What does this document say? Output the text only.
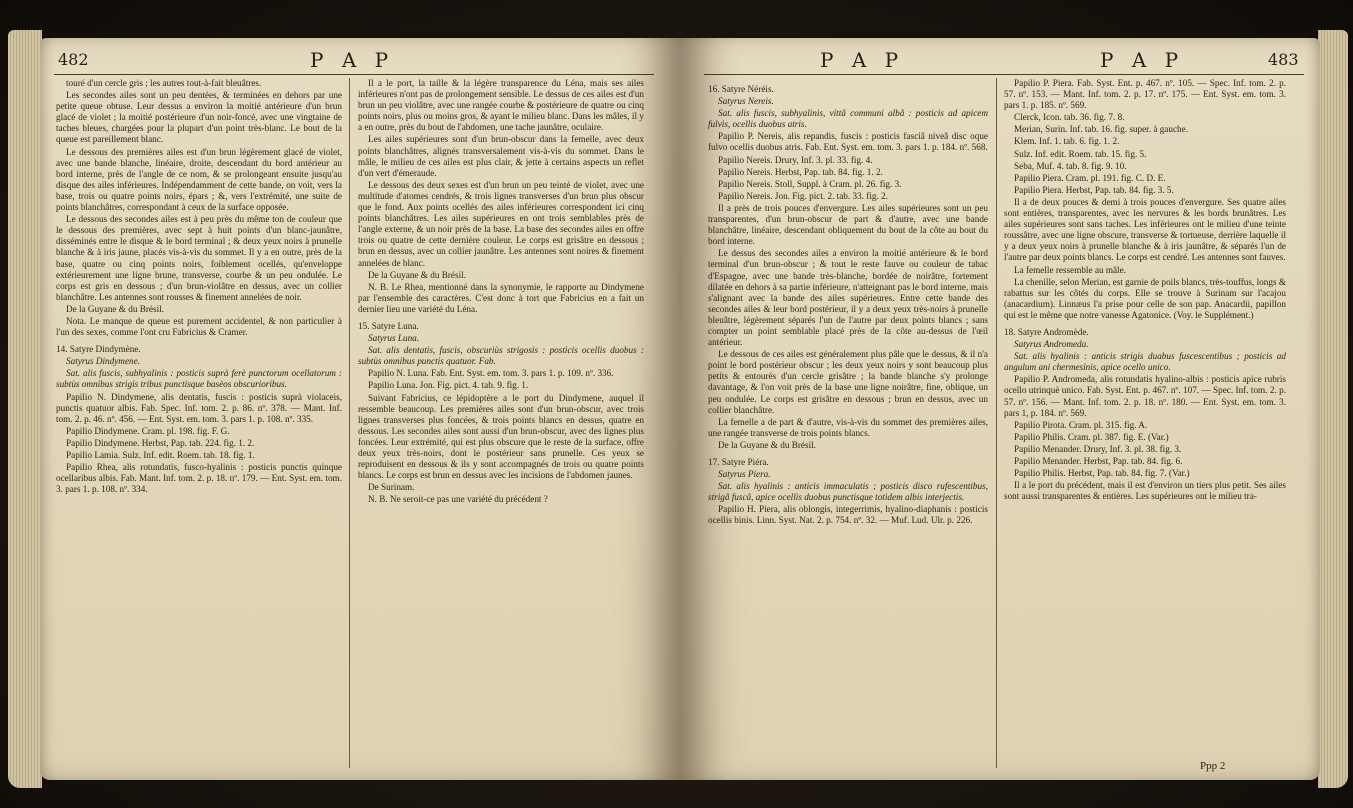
482	P A P

touré d'un cercle gris ; les autres tout-à-fait bleuâtres.

Les secondes ailes sont un peu dentées, & terminées en dehors par une petite queue obtuse. Leur dessus a environ la moitié antérieure d'un brun glacé de violet ; la moitié postérieure d'un noir-foncé, avec une vingtaine de taches bleues, chargées pour la plupart d'un point très-blanc. Le bout de la queue est pareillement blanc.

Le dessous des premières ailes est d'un brun légèrement glacé de violet, avec une bande blanche, linéaire, droite, descendant du bord antérieur au bord interne, près de l'angle de ce nom, & se prolongeant ensuite jusqu'au disque des ailes inférieures. Indépendamment de cette bande, on voit, vers la base, trois ou quatre points noirs, épars ; &, vers l'extrémité, une suite de points blanchâtres, correspondant à ceux de la surface opposée.

Le dessous des secondes ailes est à peu près du même ton de couleur que le dessous des premières, avec sept à huit points d'un blanc-jaunâtre, disséminés entre le disque & le bord terminal ; & deux yeux noirs à prunelle blanche & à iris jaune, placés vis-à-vis du sommet. Il y a en outre, près de la base, quatre ou cinq points noirs, foiblement ocellés, qu'enveloppe extérieurement une ligne brune, transverse, courbe & un peu ondulée. Le corps est gris en dessous ; d'un brun-violâtre en dessus, avec un collier blanchâtre. Les antennes sont rousses & finement annelées de noir.

De la Guyane & du Brésil.

Nota. Le manque de queue est purement accidentel, & non particulier à l'un des sexes, comme l'ont cru Fabricius & Cramer.

14. Satyre Dindymène.

Satyrus Dindymene.

Sat. alis fuscis, subhyalinis : posticis suprà ferè punctorum ocellatorum : subtùs omnibus strigis tribus punctisque basèos obscurioribus.

Papilio N. Dindymene, alis dentatis, fuscis : posticis suprà violaceis, punctis quatuor albis. Fab. Spec. Inf. tom. 2. p. 86. nº. 378. — Mant. Inf. tom. 2. p. 46. nº. 456. — Ent. Syst. em. tom. 3. pars 1. p. 108. nº. 335.

Papilio Dindymene. Cram. pl. 198. fig. F. G.

Papilio Dindymene. Herbst, Pap. tab. 224. fig. 1. 2.

Papilio Lamia. Sulz. Inf. edit. Roem. tab. 18. fig. 1.

Papilio Rhea, alis rotundatis, fusco-hyalinis : posticis punctis quinque ocellaribus albis. Fab. Mant. Inf. tom. 2. p. 18. nº. 179. — Ent. Syst. em. tom. 3. pars 1. p. 108. nº. 334.

Il a le port, la taille & la légère transparence du Léna, mais ses ailes inférieures n'ont pas de prolongement sensible. Le dessus de ces ailes est d'un brun un peu violâtre, avec une rangée courbe & postérieure de quatre ou cinq points noirs, plus ou moins gros, & ayant le milieu blanc. Dans les mâles, il y a en outre, près du bout de l'abdomen, une tache jaunâtre, oculaire.

Les ailes supérieures sont d'un brun-obscur dans la femelle, avec deux points blanchâtres, alignés transversalement vis-à-vis du sommet. Dans le mâle, le milieu de ces ailes est plus clair, & jette à certains aspects un reflet d'un vert d'émeraude.

Le dessous des deux sexes est d'un brun un peu teinté de violet, avec une multitude d'atomes cendrés, & trois lignes transverses d'un brun plus obscur que le fond. Aux points ocellés des ailes inférieures correspondent ici cinq points blanchâtres. Les ailes supérieures en ont trois semblables près de l'angle externe, & un noir près de la base. La base des secondes ailes en offre trois ou quatre de cette dernière couleur. Le corps est grisâtre en dessous ; brun en dessus, avec un collier jaunâtre. Les antennes sont noires & finement annelées de blanc.

De la Guyane & du Brésil.

N. B. Le Rhea, mentionné dans la synonymie, le rapporte au Dindymene par l'ensemble des caractères. C'est donc à tort que Fabricius en a fait un dernier lieu une variété du Léna.

15. Satyre Luna.

Satyrus Luna.

Sat. alis dentatis, fuscis, obscuriùs strigosis : posticis ocellis duobus : subtùs omnibus punctis quatuor. Fab.

Papilio N. Luna. Fab. Ent. Syst. em. tom. 3. pars 1. p. 109. nº. 336.

Papilio Luna. Jon. Fig. pict. 4. tab. 9. fig. 1.

Suivant Fabricius, ce lépidoptère a le port du Dindymene, auquel il ressemble beaucoup. Les premières ailes sont d'un brun-obscur, avec trois lignes transverses plus foncées, & trois points blancs en dessus, quatre en dessous. Les secondes ailes sont aussi d'un brun-obscur, avec des lignes plus foncées. Leur extrémité, qui est plus obscure que le reste de la surface, offre deux yeux très-noirs, dont le postérieur sans prunelle. Ces yeux se reproduisent en dessous & ils y sont accompagnés de trois ou quatre points blancs. Le corps est brun en dessus avec les incisions de l'abdomen jaunes.

De Surinam.

N. B. Ne seroit-ce pas une variété du précédent ?

P A P	P A P	483

16. Satyre Néréis.

Satyrus Nereis.

Sat. alis fuscis, subhyalinis, vittâ communi albâ : posticis ad apicem fulvis, ocellis duobus atris.

Papilio P. Nereis, alis repandis, fuscis : posticis fasciâ niveâ disc oque fulvo ocellis duobus atris. Fab. Ent. Syst. em. tom. 3. pars 1. p. 184. nº. 568.

Papilio Nereis. Drury, Inf. 3. pl. 33. fig. 4.

Papilio Nereis. Herbst, Pap. tab. 84. fig. 1. 2.

Papilio Nereis. Stoll, Suppl. à Cram. pl. 26. fig. 3.

Papilio Nereis. Jon. Fig. pict. 2. tab. 33. fig. 2.

Il a près de trois pouces d'envergure. Les ailes supérieures sont un peu transparentes, d'un brun-obscur de part & d'autre, avec une bande blanchâtre, linéaire, descendant obliquement du bout de la côte au bout du bord interne.

Le dessus des secondes ailes a environ la moitié antérieure & le bord terminal d'un brun-obscur ; & tout le reste fauve ou couleur de tabac d'Espagne, avec une bande très-blanche, bordée de noirâtre, fortement dilatée en dehors à sa partie inférieure, n'atteignant pas le bord interne, mais s'alignant avec la bande des ailes supérieures. Entre cette bande des secondes ailes & leur bord postérieur, il y a deux yeux très-noirs à prunelle bleuâtre, légèrement séparés l'un de l'autre par deux points blancs ; sans compter un point semblable placé près de la côte au-dessus de l'œil antérieur.

Le dessous de ces ailes est généralement plus pâle que le dessus, & il n'a point le bord postérieur obscur ; les deux yeux noirs y sont beaucoup plus petits & entourés d'un cercle grisâtre ; la bande blanche s'y prolonge davantage, & l'on voit près de la base une ligne noirâtre, fine, oblique, un peu ondulée. Le corps est grisâtre en dessous ; brun en dessus, avec un collier blanchâtre.

La femelle a de part & d'autre, vis-à-vis du sommet des premières ailes, une rangée transverse de trois points blancs.

De la Guyane & du Brésil.

17. Satyre Piéra.

Satyrus Piera.

Sat. alis hyalinis : anticis immaculatis ; posticis disco rufescentibus, strigâ fuscâ, apice ocellis duobus punctisque totidem albis interjectis.

Papilio H. Piera, alis oblongis, integerrimis, hyalino-diaphanis : posticis ocellis binis. Linn. Syst. Nat. 2. p. 754. nº. 32. — Muf. Lud. Ulr. p. 226.

Papilio P. Piera. Fab. Syst. Ent. p. 467. nº. 105. — Spec. Inf. tom. 2. p. 57. nº. 153. — Mant. Inf. tom. 2. p. 17. nº. 175. — Ent. Syst. em. tom. 3. pars 1. p. 185. nº. 569.

Clerck, Icon. tab. 36. fig. 7. 8.

Merian, Surin. Inf. tab. 16. fig. super. à gauche.

Klem. Inf. 1. tab. 6. fig. 1. 2.

Sulz. Inf. edit. Roem. tab. 15. fig. 5.

Seba, Muf. 4. tab. 8. fig. 9. 10.

Papilio Piera. Cram. pl. 191. fig. C. D. E.

Papilio Piera. Herbst, Pap. tab. 84. fig. 3. 5.

Il a de deux pouces & demi à trois pouces d'envergure. Ses quatre ailes sont entières, transparentes, avec les nervures & les bords brunâtres. Les ailes supérieures sont sans taches. Les inférieures ont le milieu d'une teinte roussâtre, avec une ligne obscure, transverse & tortueuse, derrière laquelle il y a deux yeux noirs à prunelle blanche & à iris jaunâtre, & séparés l'un de l'autre par deux points blancs. Le corps est cendré. Les antennes sont fauves.

La femelle ressemble au mâle.

La chenille, selon Merian, est garnie de poils blancs, très-touffus, longs & rabattus sur les côtés du corps. Elle se trouve à Surinam sur l'acajou (anacardium). Linnæus l'a prise pour celle de son pap. Anacardii, papillon qui est le même que notre vanesse Agatonice. (Voy. le Supplément.)

18. Satyre Andromède.

Satyrus Andromeda.

Sat. alis hyalinis : anticis strigis duabus fuscescentibus ; posticis ad angulum ani chermesinis, apice ocello unico.

Papilio P. Andromeda, alis rotundatis hyalino-albis : posticis apice rubris ocello utrinquè unico. Fab. Syst. Ent. p. 467. nº. 107. — Spec. Inf. tom. 2. p. 57. nº. 156. — Mant. Inf. tom. 2. p. 18. nº. 180. — Ent. Syst. em. tom. 3. pars 1, p. 184. nº. 569.

Papilio Pirota. Cram. pl. 315. fig. A.

Papilio Philis. Cram. pl. 387. fig. E. (Var.)

Papilio Menander. Drury, Inf. 3. pl. 38. fig. 3.

Papilio Menander. Herbst, Pap. tab. 84. fig. 6.

Papilio Philis. Herbst, Pap. tab. 84. fig. 7. (Var.)

Il a le port du précédent, mais il est d'environ un tiers plus petit. Ses ailes sont aussi transparentes & entières. Les supérieures ont le milieu tra-

Ppp 2
